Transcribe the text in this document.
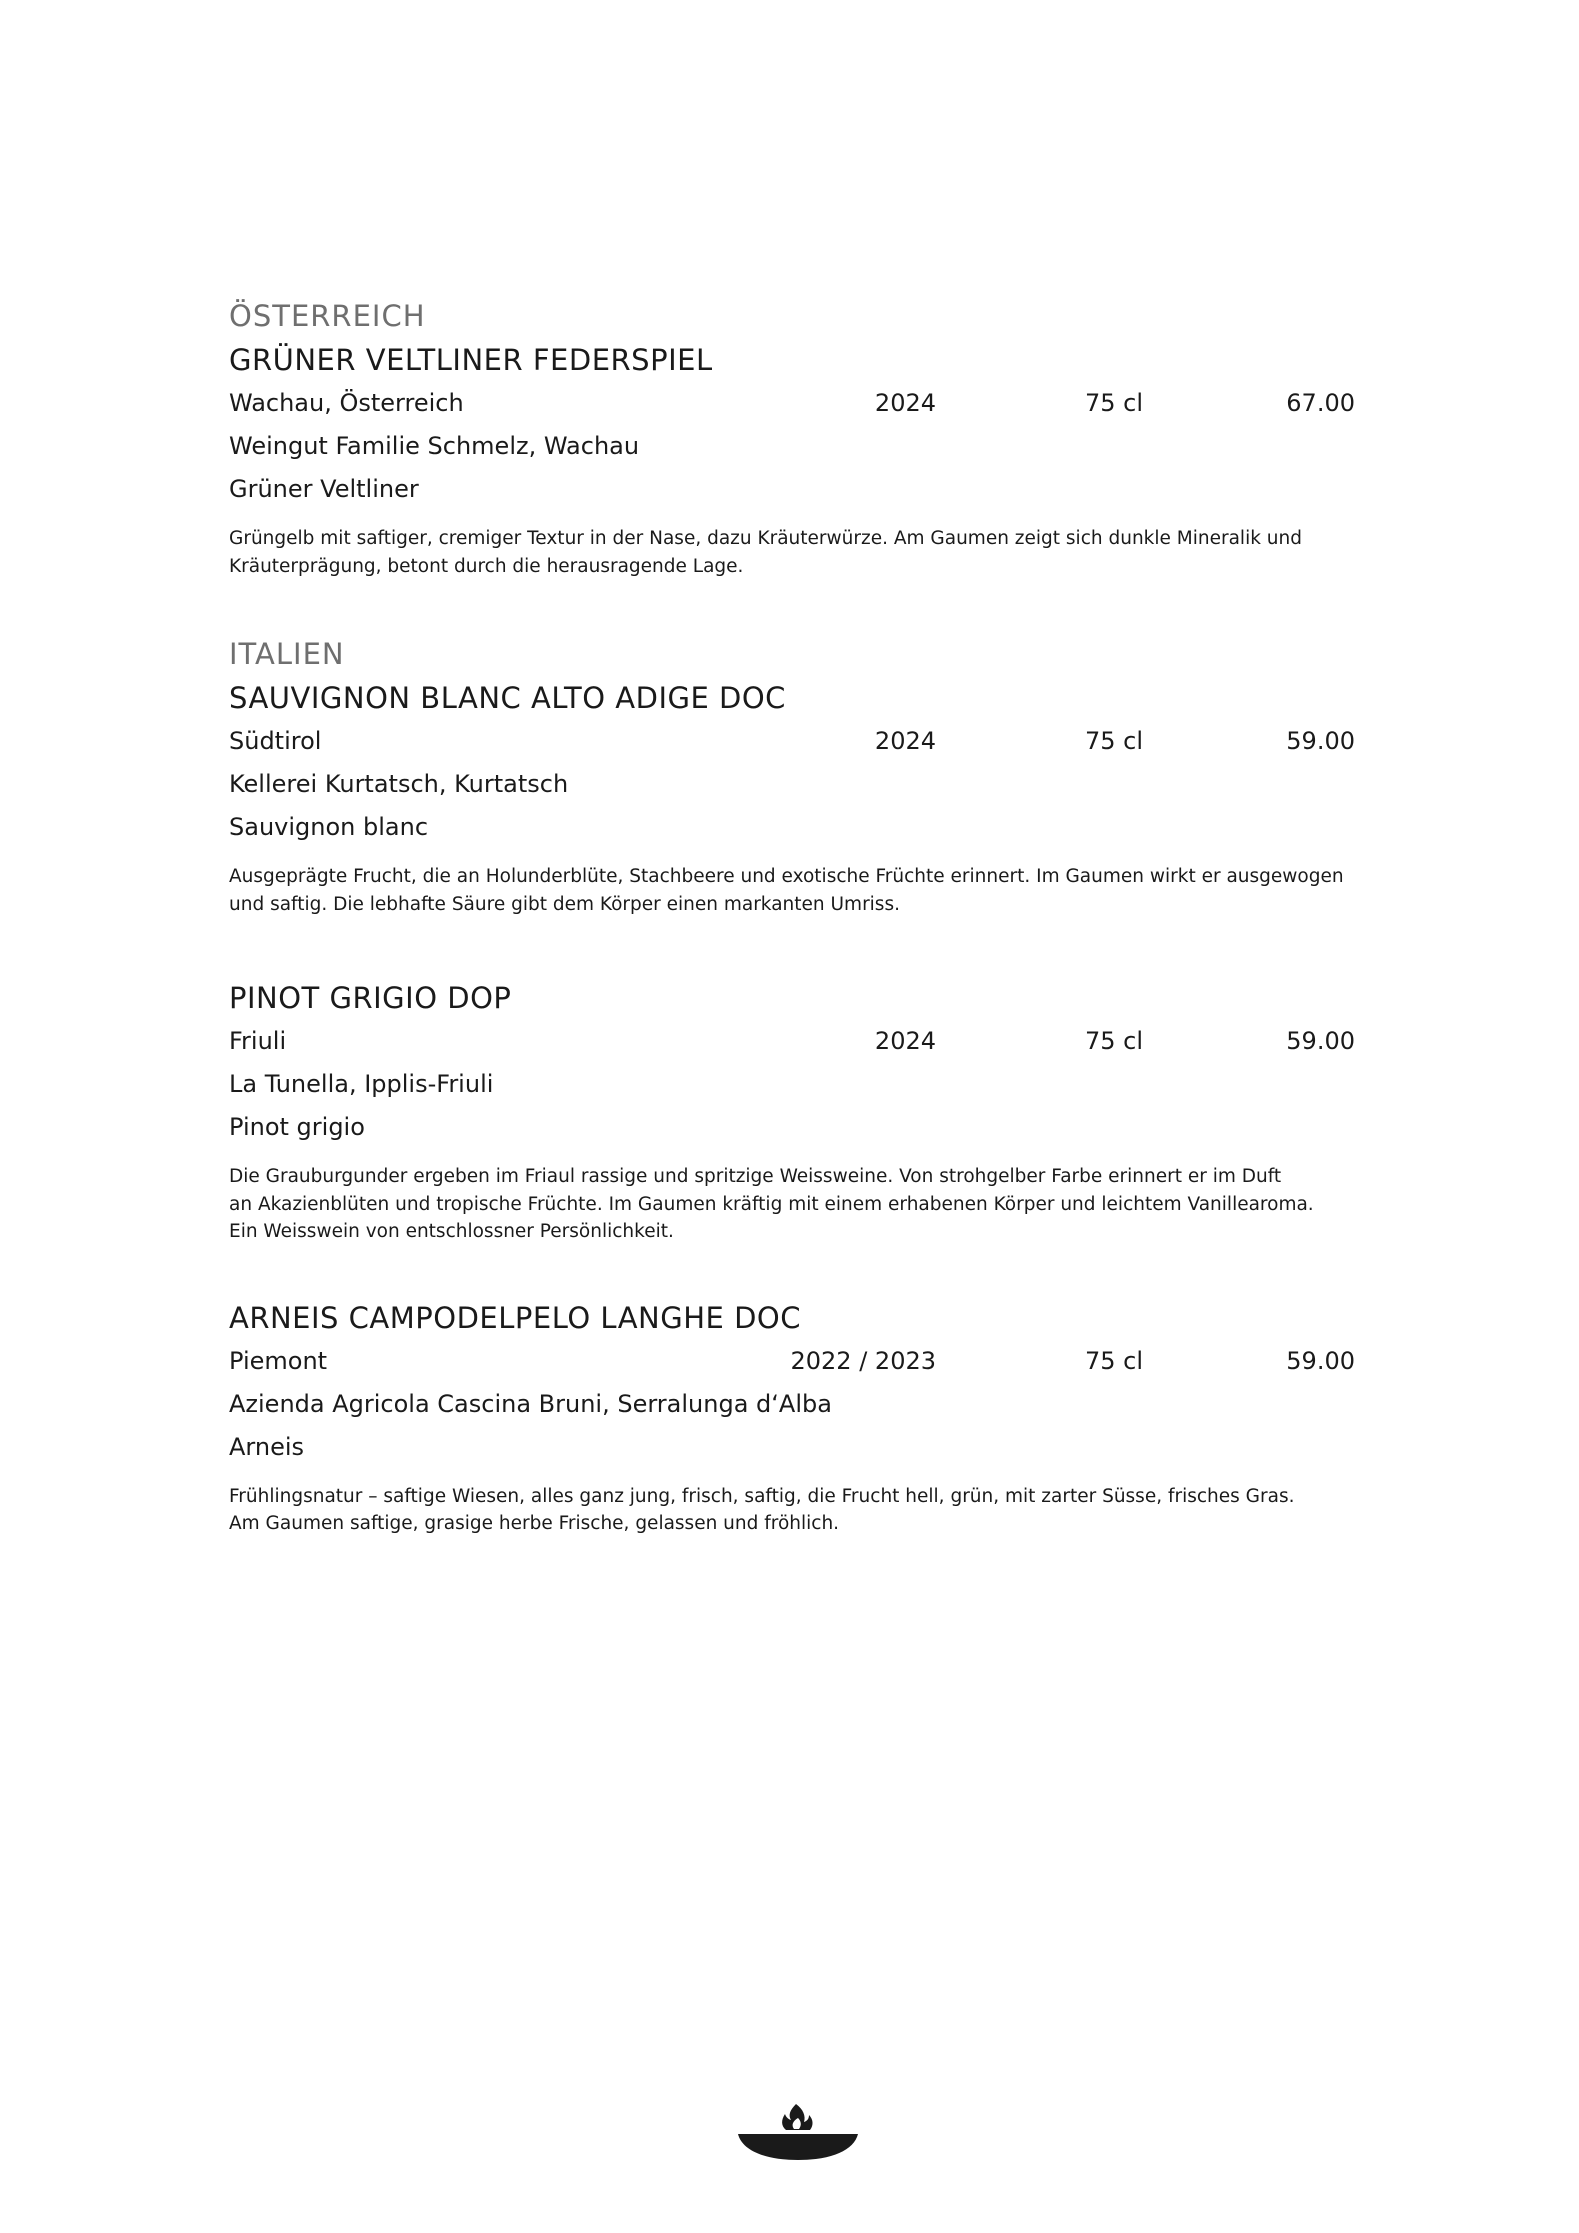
ÖSTERREICH
GRÜNER VELTLINER FEDERSPIEL
Wachau, Österreich	2024	75 cl	67.00
Weingut Familie Schmelz, Wachau
Grüner Veltliner

Grüngelb mit saftiger, cremiger Textur in der Nase, dazu Kräuterwürze. Am Gaumen zeigt sich dunkle Mineralik und
Kräuterprägung, betont durch die herausragende Lage.

ITALIEN
SAUVIGNON BLANC ALTO ADIGE DOC
Südtirol	2024	75 cl	59.00
Kellerei Kurtatsch, Kurtatsch
Sauvignon blanc

Ausgeprägte Frucht, die an Holunderblüte, Stachbeere und exotische Früchte erinnert. Im Gaumen wirkt er ausgewogen
und saftig. Die lebhafte Säure gibt dem Körper einen markanten Umriss.

PINOT GRIGIO DOP
Friuli	2024	75 cl	59.00
La Tunella, Ipplis-Friuli
Pinot grigio

Die Grauburgunder ergeben im Friaul rassige und spritzige Weissweine. Von strohgelber Farbe erinnert er im Duft
an Akazienblüten und tropische Früchte. Im Gaumen kräftig mit einem erhabenen Körper und leichtem Vanillearoma.
Ein Weisswein von entschlossner Persönlichkeit.

ARNEIS CAMPODELPELO LANGHE DOC
Piemont	2022 / 2023	75 cl	59.00
Azienda Agricola Cascina Bruni, Serralunga d‘Alba
Arneis

Frühlingsnatur – saftige Wiesen, alles ganz jung, frisch, saftig, die Frucht hell, grün, mit zarter Süsse, frisches Gras.
Am Gaumen saftige, grasige herbe Frische, gelassen und fröhlich.
